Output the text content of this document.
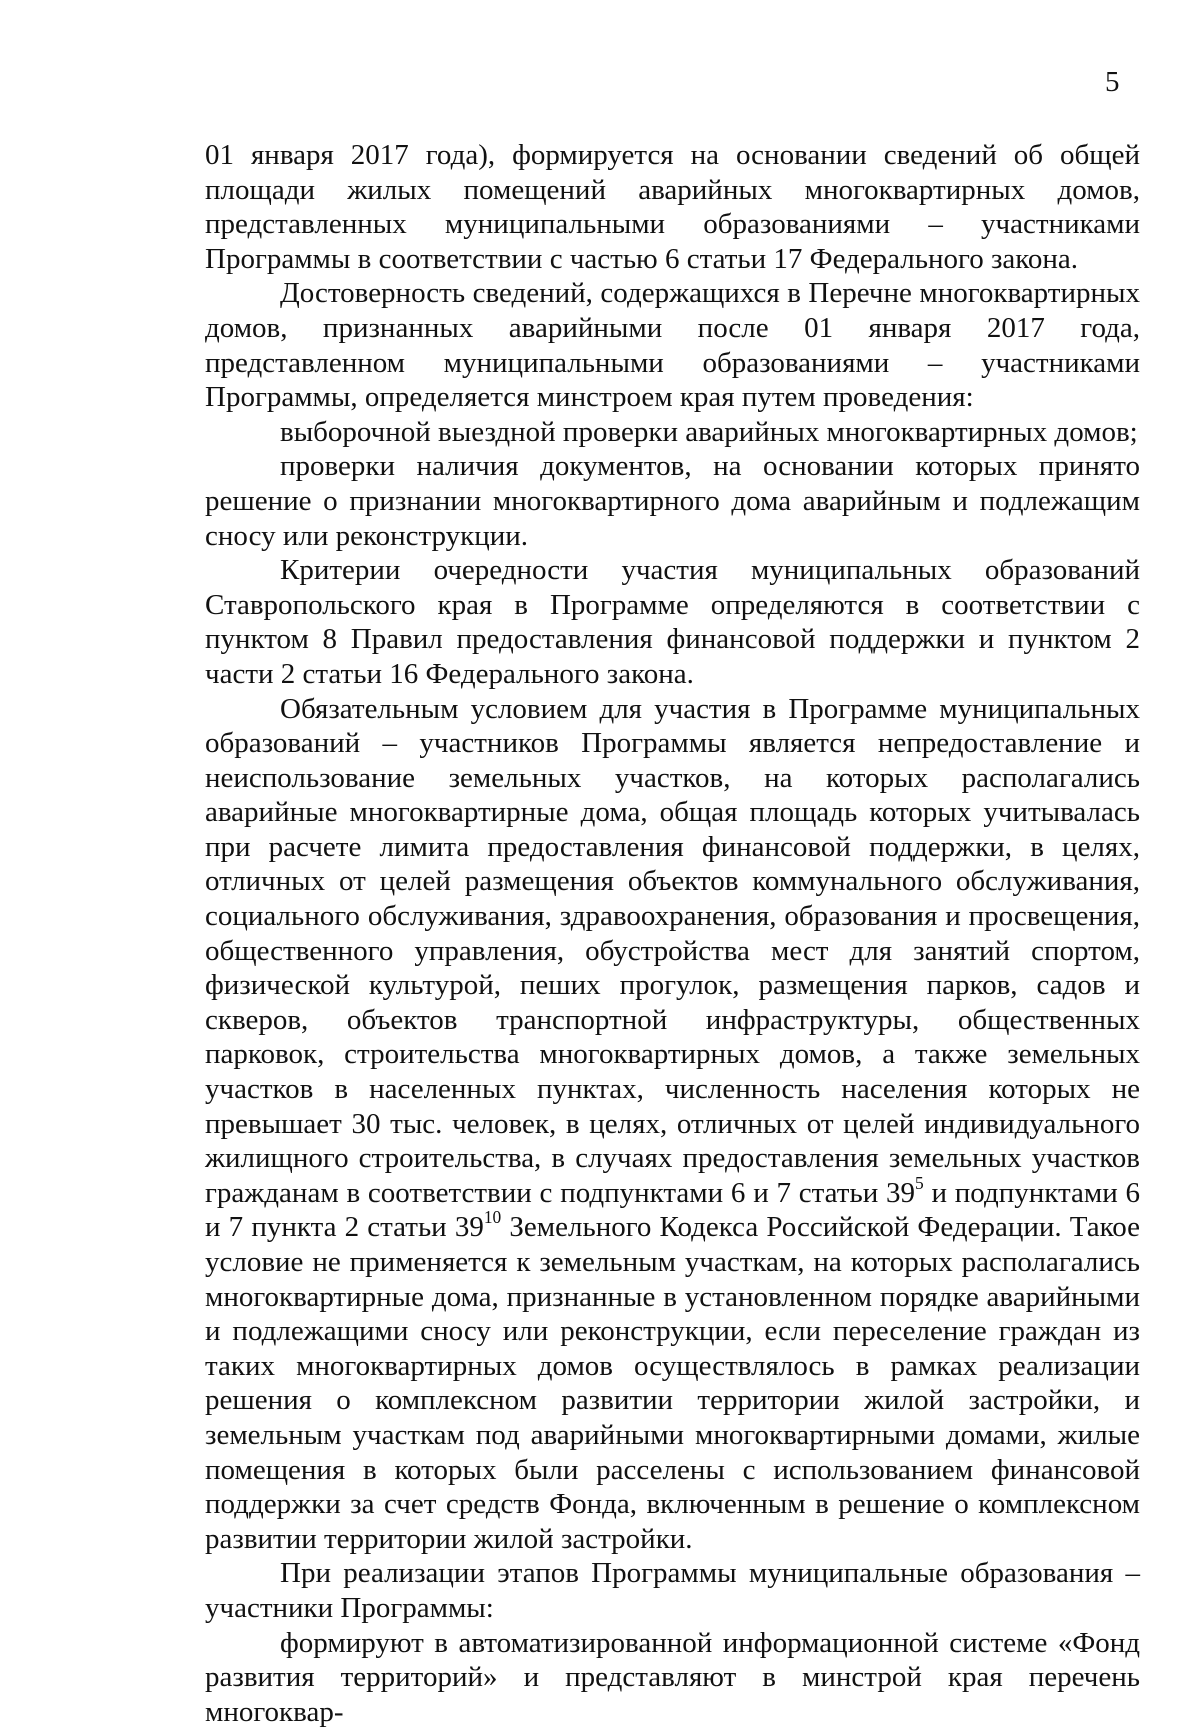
5

01 января 2017 года), формируется на основании сведений об общей площади жилых помещений аварийных многоквартирных домов, представленных муниципальными образованиями – участниками Программы в соответствии с частью 6 статьи 17 Федерального закона.

Достоверность сведений, содержащихся в Перечне многоквартирных домов, признанных аварийными после 01 января 2017 года, представленном муниципальными образованиями – участниками Программы, определяется минстроем края путем проведения:

выборочной выездной проверки аварийных многоквартирных домов;

проверки наличия документов, на основании которых принято решение о признании многоквартирного дома аварийным и подлежащим сносу или реконструкции.

Критерии очередности участия муниципальных образований Ставропольского края в Программе определяются в соответствии с пунктом 8 Правил предоставления финансовой поддержки и пунктом 2 части 2 статьи 16 Федерального закона.

Обязательным условием для участия в Программе муниципальных образований – участников Программы является непредоставление и неиспользование земельных участков, на которых располагались аварийные многоквартирные дома, общая площадь которых учитывалась при расчете лимита предоставления финансовой поддержки, в целях, отличных от целей размещения объектов коммунального обслуживания, социального обслуживания, здравоохранения, образования и просвещения, общественного управления, обустройства мест для занятий спортом, физической культурой, пеших прогулок, размещения парков, садов и скверов, объектов транспортной инфраструктуры, общественных парковок, строительства многоквартирных домов, а также земельных участков в населенных пунктах, численность населения которых не превышает 30 тыс. человек, в целях, отличных от целей индивидуального жилищного строительства, в случаях предоставления земельных участков гражданам в соответствии с подпунктами 6 и 7 статьи $39^5$ и подпунктами 6 и 7 пункта 2 статьи $39^{10}$ Земельного Кодекса Российской Федерации. Такое условие не применяется к земельным участкам, на которых располагались многоквартирные дома, признанные в установленном порядке аварийными и подлежащими сносу или реконструкции, если переселение граждан из таких многоквартирных домов осуществлялось в рамках реализации решения о комплексном развитии территории жилой застройки, и земельным участкам под аварийными многоквартирными домами, жилые помещения в которых были расселены с использованием финансовой поддержки за счет средств Фонда, включенным в решение о комплексном развитии территории жилой застройки.

При реализации этапов Программы муниципальные образования – участники Программы:

формируют в автоматизированной информационной системе «Фонд развития территорий» и представляют в минстрой края перечень многоквар-
